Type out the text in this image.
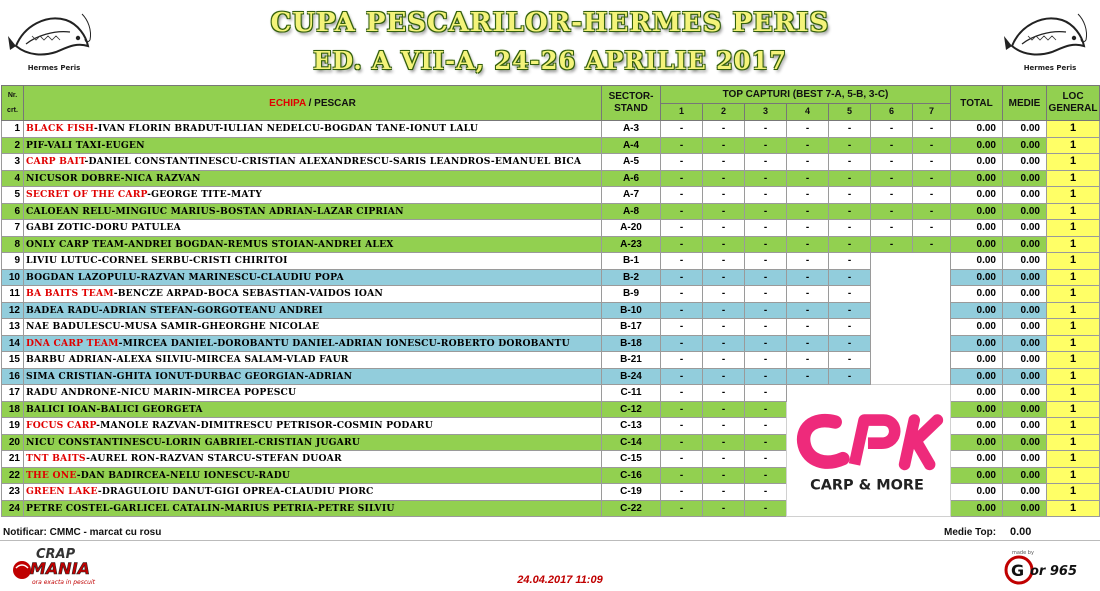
Hermes Peris
CUPA PESCARILOR-HERMES PERIS
ED. A VII-A, 24-26 APRILIE 2017	Hermes Peris
Nr. crt.	ECHIPA / PESCAR	SECTOR-STAND	TOP CAPTURI (BEST 7-A, 5-B, 3-C)							TOTAL	MEDIE	LOC GENERAL
			1	2	3	4	5	6	7			
1	BLACK FISH-IVAN FLORIN BRADUT-IULIAN NEDELCU-BOGDAN TANE-IONUT LALU	A-3	-	-	-	-	-	-	-	0.00	0.00	1
2	PIF-VALI TAXI-EUGEN	A-4	-	-	-	-	-	-	-	0.00	0.00	1
3	CARP BAIT-DANIEL CONSTANTINESCU-CRISTIAN ALEXANDRESCU-SARIS LEANDROS-EMANUEL BICA	A-5	-	-	-	-	-	-	-	0.00	0.00	1
4	NICUSOR DOBRE-NICA RAZVAN	A-6	-	-	-	-	-	-	-	0.00	0.00	1
5	SECRET OF THE CARP-GEORGE TITE-MATY	A-7	-	-	-	-	-	-	-	0.00	0.00	1
6	CALOEAN RELU-MINGIUC MARIUS-BOSTAN ADRIAN-LAZAR CIPRIAN	A-8	-	-	-	-	-	-	-	0.00	0.00	1
7	GABI ZOTIC-DORU PATULEA	A-20	-	-	-	-	-	-	-	0.00	0.00	1
8	ONLY CARP TEAM-ANDREI BOGDAN-REMUS STOIAN-ANDREI ALEX	A-23	-	-	-	-	-	-	-	0.00	0.00	1
9	LIVIU LUTUC-CORNEL SERBU-CRISTI CHIRITOI	B-1	-	-	-	-	-			0.00	0.00	1
10	BOGDAN LAZOPULU-RAZVAN MARINESCU-CLAUDIU POPA	B-2	-	-	-	-	-			0.00	0.00	1
11	BA BAITS TEAM-BENCZE ARPAD-BOCA SEBASTIAN-VAIDOS IOAN	B-9	-	-	-	-	-			0.00	0.00	1
12	BADEA RADU-ADRIAN STEFAN-GORGOTEANU ANDREI	B-10	-	-	-	-	-			0.00	0.00	1
13	NAE BADULESCU-MUSA SAMIR-GHEORGHE NICOLAE	B-17	-	-	-	-	-			0.00	0.00	1
14	DNA CARP TEAM-MIRCEA DANIEL-DOROBANTU DANIEL-ADRIAN IONESCU-ROBERTO DOROBANTU	B-18	-	-	-	-	-			0.00	0.00	1
15	BARBU ADRIAN-ALEXA SILVIU-MIRCEA SALAM-VLAD FAUR	B-21	-	-	-	-	-			0.00	0.00	1
16	SIMA CRISTIAN-GHITA IONUT-DURBAC GEORGIAN-ADRIAN	B-24	-	-	-	-	-			0.00	0.00	1
17	RADU ANDRONE-NICU MARIN-MIRCEA POPESCU	C-11	-	-	-	CARP & MORE				0.00	0.00	1
18	BALICI IOAN-BALICI GEORGETA	C-12	-	-	-					0.00	0.00	1
19	FOCUS CARP-MANOLE RAZVAN-DIMITRESCU PETRISOR-COSMIN PODARU	C-13	-	-	-					0.00	0.00	1
20	NICU CONSTANTINESCU-LORIN GABRIEL-CRISTIAN JUGARU	C-14	-	-	-					0.00	0.00	1
21	TNT BAITS-AUREL RON-RAZVAN STARCU-STEFAN DUOAR	C-15	-	-	-					0.00	0.00	1
22	THE ONE-DAN BADIRCEA-NELU IONESCU-RADU	C-16	-	-	-					0.00	0.00	1
23	GREEN LAKE-DRAGULOIU DANUT-GIGI OPREA-CLAUDIU PIORC	C-19	-	-	-					0.00	0.00	1
24	PETRE COSTEL-GARLICEL CATALIN-MARIUS PETRIA-PETRE SILVIU	C-22	-	-	-					0.00	0.00	1
Notificar: CMMC - marcat cu rosu	Medie Top: 0.00
CRAP
MANIA
ora exacta in pescuit	24.04.2017 11:09
made by
G or 965
